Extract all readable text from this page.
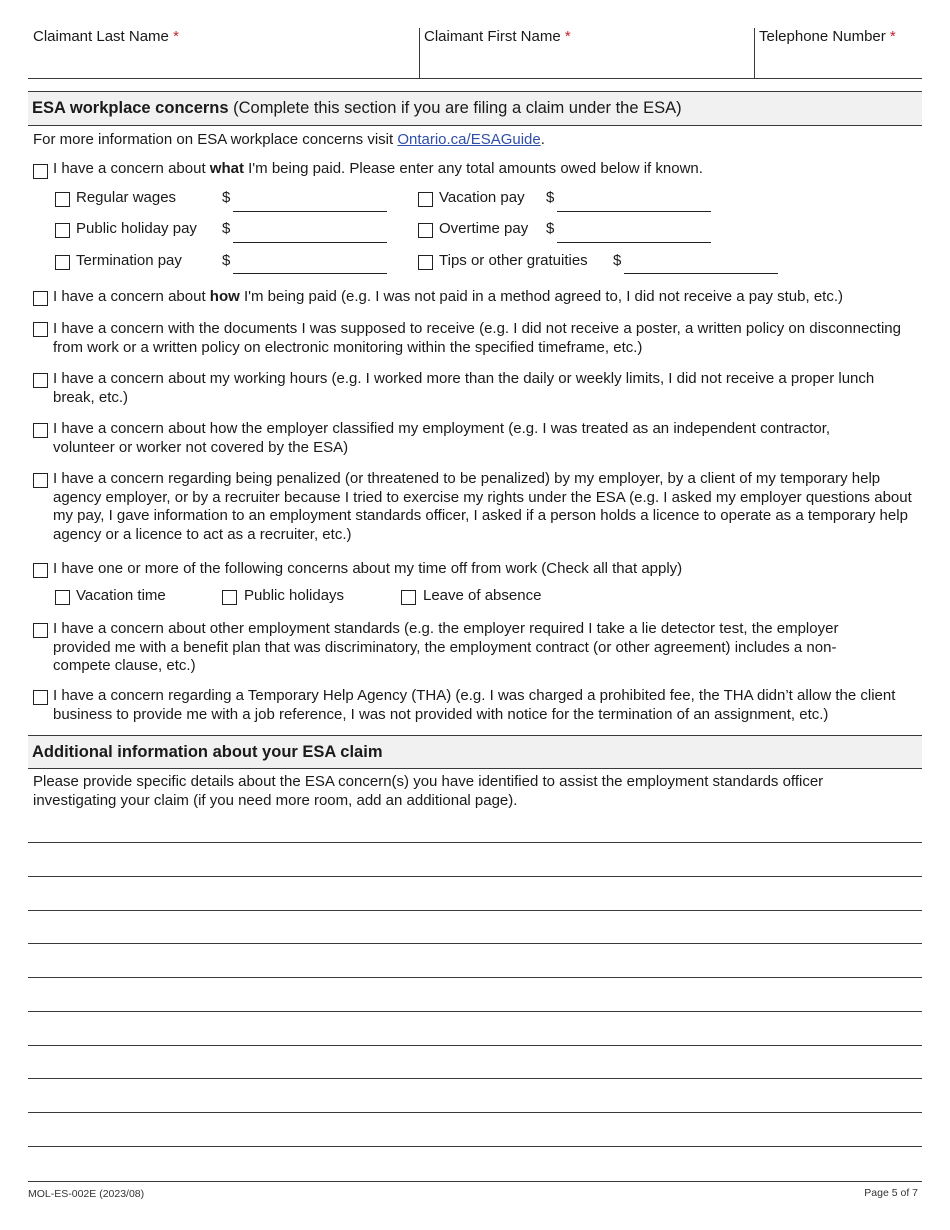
Claimant Last Name *	Claimant First Name *	Telephone Number *
ESA workplace concerns (Complete this section if you are filing a claim under the ESA)
For more information on ESA workplace concerns visit Ontario.ca/ESAGuide.
I have a concern about what I'm being paid. Please enter any total amounts owed below if known.
Regular wages	$	Vacation pay $
Public holiday pay $	Overtime pay $
Termination pay	$	Tips or other gratuities $
I have a concern about how I'm being paid (e.g. I was not paid in a method agreed to, I did not receive a pay stub, etc.)
I have a concern with the documents I was supposed to receive (e.g. I did not receive a poster, a written policy on disconnecting from work or a written policy on electronic monitoring within the specified timeframe, etc.)
I have a concern about my working hours (e.g. I worked more than the daily or weekly limits, I did not receive a proper lunch break, etc.)
I have a concern about how the employer classified my employment (e.g. I was treated as an independent contractor, volunteer or worker not covered by the ESA)
I have a concern regarding being penalized (or threatened to be penalized) by my employer, by a client of my temporary help agency employer, or by a recruiter because I tried to exercise my rights under the ESA (e.g. I asked my employer questions about my pay, I gave information to an employment standards officer, I asked if a person holds a licence to operate as a temporary help agency or a licence to act as a recruiter, etc.)
I have one or more of the following concerns about my time off from work (Check all that apply)
Vacation time	Public holidays	Leave of absence
I have a concern about other employment standards (e.g. the employer required I take a lie detector test, the employer provided me with a benefit plan that was discriminatory, the employment contract (or other agreement) includes a non-compete clause, etc.)
I have a concern regarding a Temporary Help Agency (THA) (e.g. I was charged a prohibited fee, the THA didn’t allow the client business to provide me with a job reference, I was not provided with notice for the termination of an assignment, etc.)
Additional information about your ESA claim
Please provide specific details about the ESA concern(s) you have identified to assist the employment standards officer investigating your claim (if you need more room, add an additional page).
MOL-ES-002E (2023/08)	Page 5 of 7
